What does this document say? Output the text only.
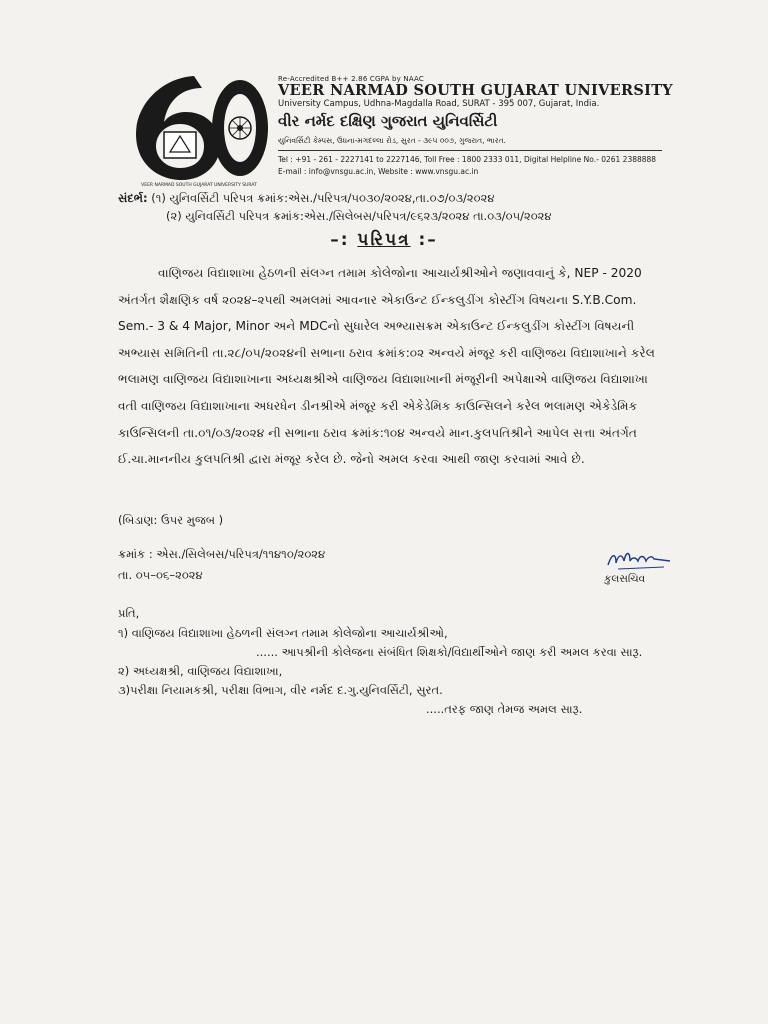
VEER NARMAD SOUTH GUJARAT UNIVERSITY SURAT
Re-Accredited B++ 2.86 CGPA by NAAC
VEER NARMAD SOUTH GUJARAT UNIVERSITY
University Campus, Udhna-Magdalla Road, SURAT - 395 007, Gujarat, India.
વીર નર્મદ દક્ષિણ ગુજરાત યુનિવર્સિટી
યુનિવર્સિટી કેમ્પસ, ઉધના-મગદલ્લા રોડ, સુરત - ૩૯૫ ૦૦૭, ગુજરાત, ભારત.
Tel : +91 - 261 - 2227141 to 2227146, Toll Free : 1800 2333 011, Digital Helpline No.- 0261 2388888
E-mail : info@vnsgu.ac.in, Website : www.vnsgu.ac.in
સંદર્ભ: (૧) યુનિવર્સિટી પરિપત્ર ક્રમાંક:એસ./પરિપત્ર/૫૦૩૦/૨૦૨૪,તા.૦૭/૦૩/૨૦૨૪
(૨) યુનિવર્સિટી પરિપત્ર ક્રમાંક:એસ./સિલેબસ/પરિપત્ર/૯૬૨૩/૨૦૨૪ તા.૦૩/૦૫/૨૦૨૪
–: પરિપત્ર :–
વાણિજય વિદ્યાશાખા હેઠળની સંલગ્ન તમામ કોલેજોના આચાર્યશ્રીઓને જણાવવાનું કે, NEP - 2020
અંતર્ગત શૈક્ષણિક વર્ષ ૨૦૨૪–૨૫થી અમલમાં આવનાર એકાઉન્ટ ઈન્કલુડીંગ કોસ્ટીંગ વિષયના S.Y.B.Com.
Sem.- 3 & 4 Major, Minor અને MDCનો સુધારેલ અભ્યાસક્રમ એકાઉન્ટ ઈન્કલુડીંગ કોસ્ટીંગ વિષયની
અભ્યાસ સમિતિની તા.૨૮/૦૫/૨૦૨૪ની સભાના ઠરાવ ક્રમાંક:૦૨ અન્વયે મંજૂર કરી વાણિજય વિદ્યાશાખાને કરેલ
ભલામણ વાણિજય વિદ્યાશાખાના અધ્યક્ષશ્રીએ વાણિજય વિદ્યાશાખાની મંજૂરીની અપેક્ષાએ વાણિજય વિદ્યાશાખા
વતી વાણિજય વિદ્યાશાખાના અધરધેન ડીનશ્રીએ મંજૂર કરી એકેડેમિક કાઉન્સિલને કરેલ ભલામણ એકેડેમિક
કાઉન્સિલની તા.૦૧/૦૩/૨૦૨૪ ની સભાના ઠરાવ ક્રમાંક:૧૦૪ અન્વયે માન.કુલપતિશ્રીને આપેલ સત્તા અંતર્ગત
ઈ.ચા.માનનીય કુલપતિશ્રી દ્વારા મંજૂર કરેલ છે. જેનો અમલ કરવા આથી જાણ કરવામાં આવે છે.
(બિડાણ: ઉપર મુજબ )
ક્રમાંક : એસ./સિલેબસ/પરિપત્ર/૧૧૪૧૦/૨૦૨૪
તા. ૦૫–૦૬–૨૦૨૪	કુલસચિવ
પ્રતિ,
૧) વાણિજય વિદ્યાશાખા હેઠળની સંલગ્ન તમામ કોલેજોના આચાર્યશ્રીઓ,
...... આપશ્રીની કોલેજના સંબંધિત શિક્ષકો/વિદ્યાર્થીઓને જાણ કરી અમલ કરવા સારૂ.
૨) અધ્યક્ષશ્રી, વાણિજય વિદ્યાશાખા,
૩)પરીક્ષા નિયામકશ્રી, પરીક્ષા વિભાગ, વીર નર્મદ દ.ગુ.યુનિવર્સિટી, સુરત.
.....તરફ જાણ તેમજ અમલ સારૂ.
